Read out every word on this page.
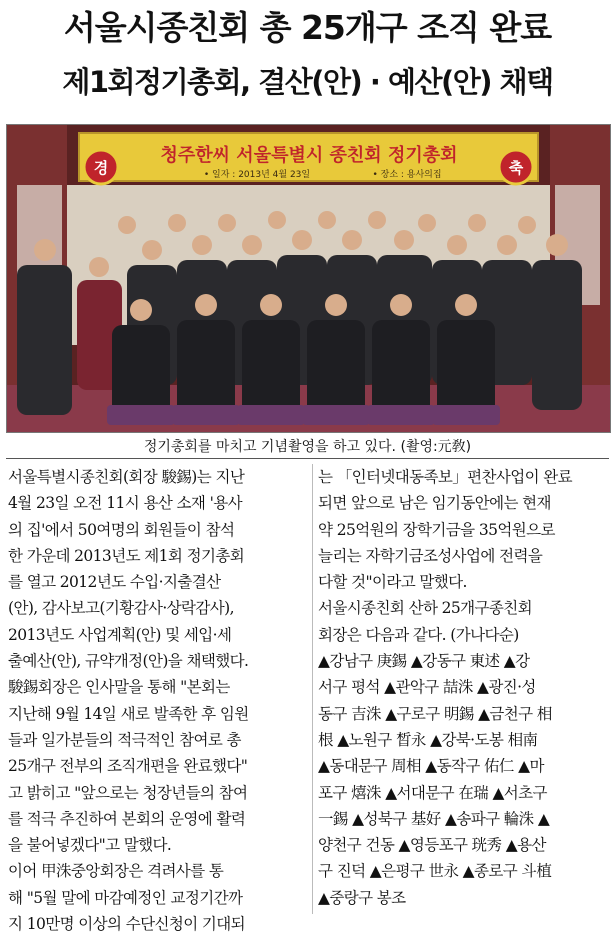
서울시종친회 총 25개구 조직 완료
제1회정기총회, 결산(안) · 예산(안) 채택
경	축
청주한씨 서울특별시 종친회 정기총회
• 일자 : 2013년 4월 23일	• 장소 : 용사의집
정기총회를 마치고 기념촬영을 하고 있다. (촬영:元敎)
서울특별시종친회(회장 駿錫)는 지난
4월 23일 오전 11시 용산 소재 '용사
의 집'에서 50여명의 회원들이 참석
한 가운데 2013년도 제1회 정기총회
를 열고 2012년도 수입·지출결산
(안), 감사보고(기황감사·상락감사),
2013년도 사업계획(안) 및 세입·세
출예산(안), 규약개정(안)을 채택했다.
駿錫회장은 인사말을 통해 "본회는
지난해 9월 14일 새로 발족한 후 임원
들과 일가분들의 적극적인 참여로 총
25개구 전부의 조직개편을 완료했다"
고 밝히고 "앞으로는 청장년들의 참여
를 적극 추진하여 본회의 운영에 활력
을 불어넣겠다"고 말했다.
이어 甲洙중앙회장은 격려사를 통
해 "5월 말에 마감예정인 교정기간까
지 10만명 이상의 수단신청이 기대되
는 「인터넷대동족보」편찬사업이 완료
되면 앞으로 남은 임기동안에는 현재
약 25억원의 장학기금을 35억원으로
늘리는 자학기금조성사업에 전력을
다할 것"이라고 말했다.
서울시종친회 산하 25개구종친회
회장은 다음과 같다. (가나다순)
▲강남구 庚錫 ▲강동구 東述 ▲강
서구 평석 ▲관악구 喆洙 ▲광진·성
동구 吉洙 ▲구로구 明錫 ▲금천구 相
根 ▲노원구 晳永 ▲강북·도봉 相南
▲동대문구 周相 ▲동작구 佑仁 ▲마
포구 熺洙 ▲서대문구 在瑞 ▲서초구
一錫 ▲성북구 基好 ▲송파구 輪洙 ▲
양천구 건동 ▲영등포구 珖秀 ▲용산
구 진덕 ▲은평구 世永 ▲종로구 斗植
▲중랑구 봉조
